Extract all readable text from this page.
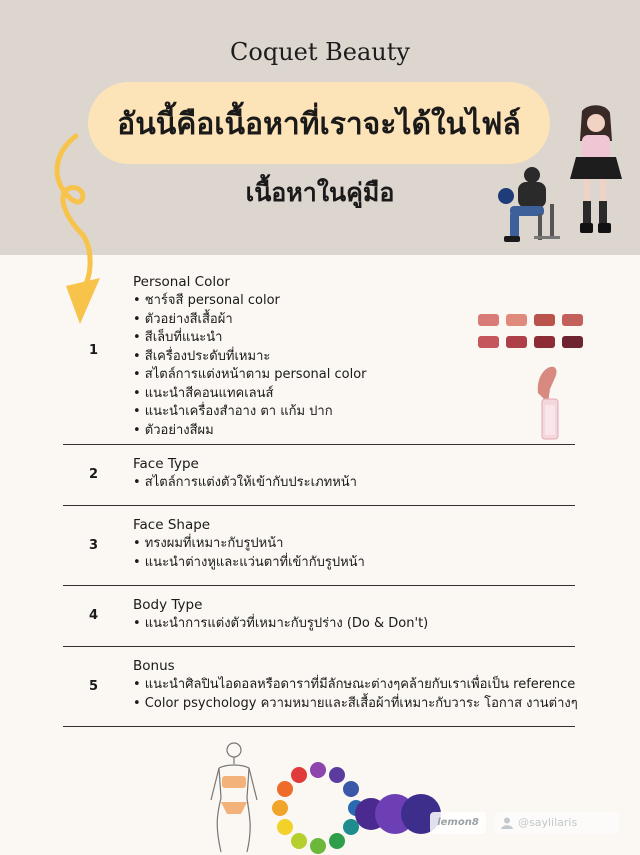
Coquet Beauty
อันนี้คือเนื้อหาที่เราจะได้ในไฟล์
เนื้อหาในคู่มือ
1
Personal Color
• ชาร์จสี personal color
• ตัวอย่างสีเสื้อผ้า
• สีเล็บที่แนะนำ
• สีเครื่องประดับที่เหมาะ
• สไตล์การแต่งหน้าตาม personal color
• แนะนำสีคอนแทคเลนส์
• แนะนำเครื่องสำอาง ตา แก้ม ปาก
• ตัวอย่างสีผม
2
Face Type
• สไตล์การแต่งตัวให้เข้ากับประเภทหน้า
3
Face Shape
• ทรงผมที่เหมาะกับรูปหน้า
• แนะนำต่างหูและแว่นตาที่เข้ากับรูปหน้า
4
Body Type
• แนะนำการแต่งตัวที่เหมาะกับรูปร่าง (Do & Don't)
5
Bonus
• แนะนำศิลปินไอดอลหรือดาราที่มีลักษณะต่างๆคล้ายกับเราเพื่อเป็น reference
• Color psychology ความหมายและสีเสื้อผ้าที่เหมาะกับวาระ โอกาส งานต่างๆ
lemon8	@saylilaris
